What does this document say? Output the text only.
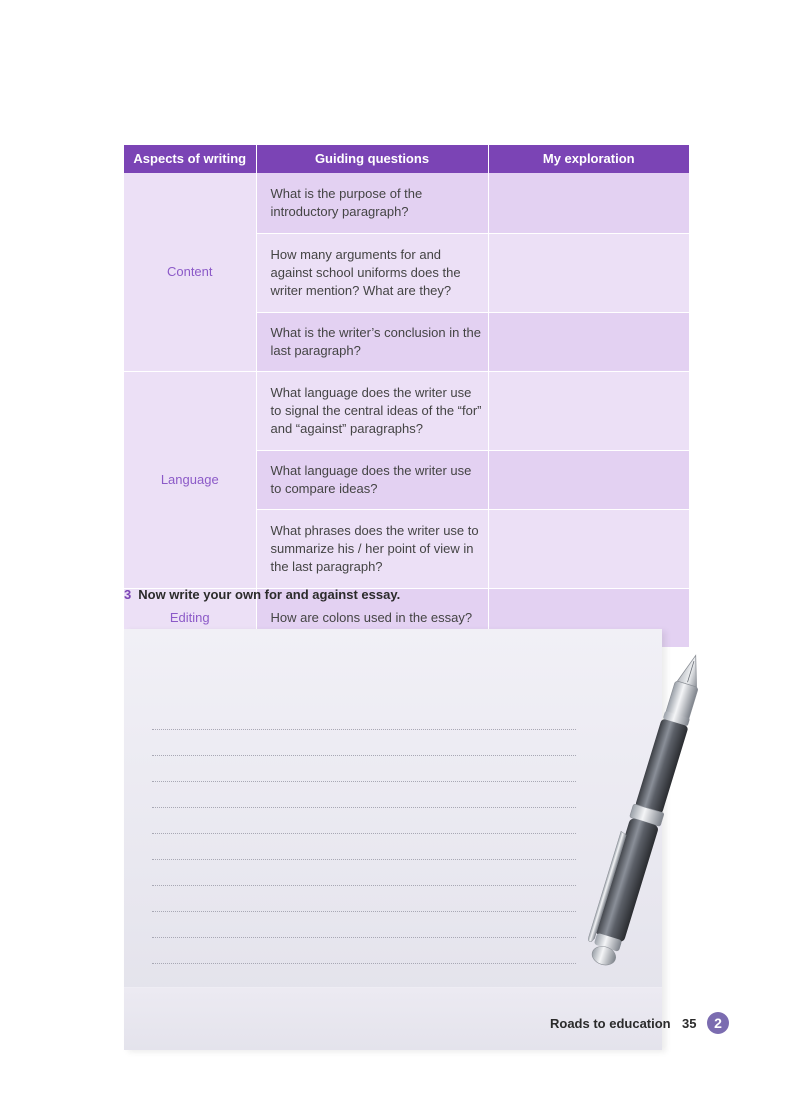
Aspects of writing	Guiding questions	My exploration
Content	What is the purpose of the introductory paragraph?	
	How many arguments for and against school uniforms does the writer mention? What are they?	
	What is the writer’s conclusion in the last paragraph?	
Language	What language does the writer use to signal the central ideas of the “for” and “against” paragraphs?	
	What language does the writer use to compare ideas?	
	What phrases does the writer use to summarize his / her point of view in the last paragraph?	
Editing	How are colons used in the essay?	
3 Now write your own for and against essay.
Roads to education 35	2
